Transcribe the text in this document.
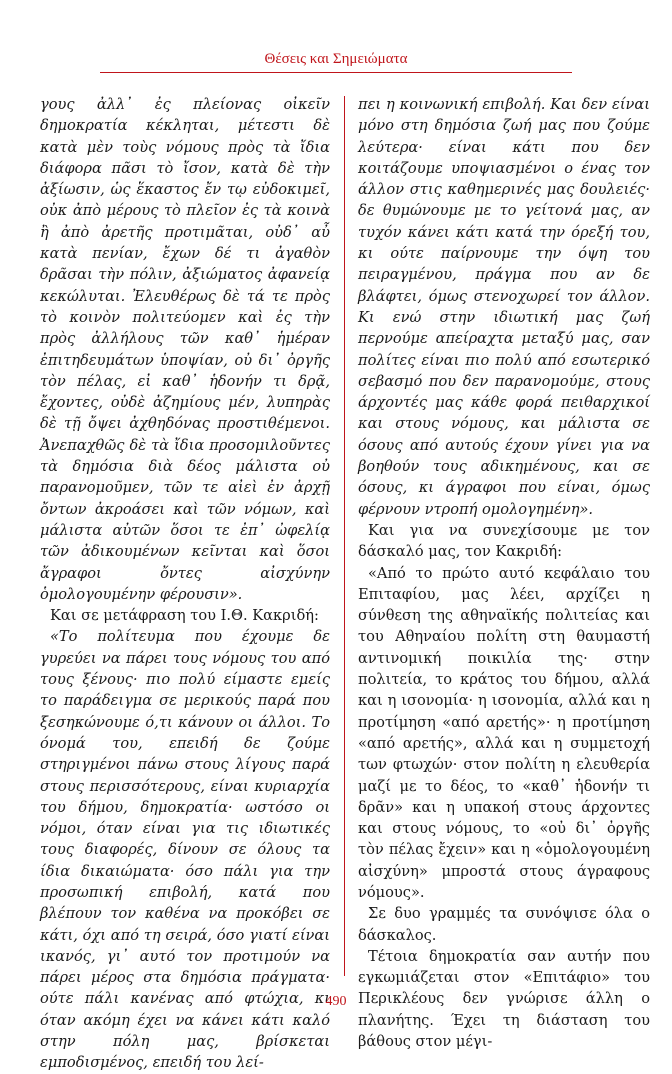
Θέσεις και Σημειώματα

γους ἀλλ᾽ ἐς πλείονας οἰκεῖν δημοκρατία κέκληται, μέτεστι δὲ κατὰ μὲν τοὺς νόμους πρὸς τὰ ἴδια διάφορα πᾶσι τὸ ἴσον, κατὰ δὲ τὴν ἀξίωσιν, ὡς ἕκαστος ἔν τῳ εὐδοκιμεῖ, οὐκ ἀπὸ μέρους τὸ πλεῖον ἐς τὰ κοινὰ ἢ ἀπὸ ἀρετῆς προτιμᾶται, οὐδ᾽ αὖ κατὰ πενίαν, ἔχων δέ τι ἀγαθὸν δρᾶσαι τὴν πόλιν, ἀξιώματος ἀφανείᾳ κεκώλυται. Ἐλευθέρως δὲ τά τε πρὸς τὸ κοινὸν πολιτεύομεν καὶ ἐς τὴν πρὸς ἀλλήλους τῶν καθ᾽ ἡμέραν ἐπιτηδευμάτων ὑποψίαν, οὐ δι᾽ ὀργῆς τὸν πέλας, εἰ καθ᾽ ἡδονήν τι δρᾷ, ἔχοντες, οὐδὲ ἀζημίους μέν, λυπηρὰς δὲ τῇ ὄψει ἀχθηδόνας προστιθέμενοι. Ἀνεπαχθῶς δὲ τὰ ἴδια προσομιλοῦντες τὰ δημόσια διὰ δέος μάλιστα οὐ παρανομοῦμεν, τῶν τε αἰεὶ ἐν ἀρχῇ ὄντων ἀκροάσει καὶ τῶν νόμων, καὶ μάλιστα αὐτῶν ὅσοι τε ἐπ᾽ ὠφελίᾳ τῶν ἀδικουμένων κεῖνται καὶ ὅσοι ἄγραφοι ὄντες αἰσχύνην ὁμολογουμένην φέρουσιν».

Και σε μετάφραση του Ι.Θ. Κακριδή:

«Το πολίτευμα που έχουμε δε γυρεύει να πάρει τους νόμους του από τους ξένους· πιο πολύ είμαστε εμείς το παράδειγμα σε μερικούς παρά που ξεσηκώνουμε ό,τι κάνουν οι άλλοι. Το όνομά του, επειδή δε ζούμε στηριγμένοι πάνω στους λίγους παρά στους περισσότερους, είναι κυριαρχία του δήμου, δημοκρατία· ωστόσο οι νόμοι, όταν είναι για τις ιδιωτικές τους διαφορές, δίνουν σε όλους τα ίδια δικαιώματα· όσο πάλι για την προσωπική επιβολή, κατά που βλέπουν τον καθένα να προκόβει σε κάτι, όχι από τη σειρά, όσο γιατί είναι ικανός, γι᾽ αυτό τον προτιμούν να πάρει μέρος στα δημόσια πράγματα· ούτε πάλι κανένας από φτώχια, κι όταν ακόμη έχει να κάνει κάτι καλό στην πόλη μας, βρίσκεται εμποδισμένος, επειδή του λεί-

πει η κοινωνική επιβολή. Και δεν είναι μόνο στη δημόσια ζωή μας που ζούμε λεύτερα· είναι κάτι που δεν κοιτάζουμε υποψιασμένοι ο ένας τον άλλον στις καθημερινές μας δουλειές· δε θυμώνουμε με το γείτονά μας, αν τυχόν κάνει κάτι κατά την όρεξή του, κι ούτε παίρνουμε την όψη του πειραγμένου, πράγμα που αν δε βλάφτει, όμως στενοχωρεί τον άλλον. Κι ενώ στην ιδιωτική μας ζωή περνούμε απείραχτα μεταξύ μας, σαν πολίτες είναι πιο πολύ από εσωτερικό σεβασμό που δεν παρανομούμε, στους άρχοντές μας κάθε φορά πειθαρχικοί και στους νόμους, και μάλιστα σε όσους από αυτούς έχουν γίνει για να βοηθούν τους αδικημένους, και σε όσους, κι άγραφοι που είναι, όμως φέρνουν ντροπή ομολογημένη».

Και για να συνεχίσουμε με τον δάσκαλό μας, τον Κακριδή:

«Από το πρώτο αυτό κεφάλαιο του Επιταφίου, μας λέει, αρχίζει η σύνθεση της αθηναϊκής πολιτείας και του Αθηναίου πολίτη στη θαυμαστή αντινομική ποικιλία της· στην πολιτεία, το κράτος του δήμου, αλλά και η ισονομία· η ισονομία, αλλά και η προτίμηση «από αρετής»· η προτίμηση «από αρετής», αλλά και η συμμετοχή των φτωχών· στον πολίτη η ελευθερία μαζί με το δέος, το «καθ᾽ ἡδονήν τι δρᾶν» και η υπακοή στους άρχοντες και στους νόμους, το «οὐ δι᾽ ὀργῆς τὸν πέλας ἔχειν» και η «ὁμολογουμένη αἰσχύνη» μπροστά στους άγραφους νόμους».

Σε δυο γραμμές τα συνόψισε όλα ο δάσκαλος.

Τέτοια δημοκρατία σαν αυτήν που εγκωμιάζεται στον «Επιτάφιο» του Περικλέους δεν γνώρισε άλλη ο πλανήτης. Έχει τη διάσταση του βάθους στον μέγι-

490
